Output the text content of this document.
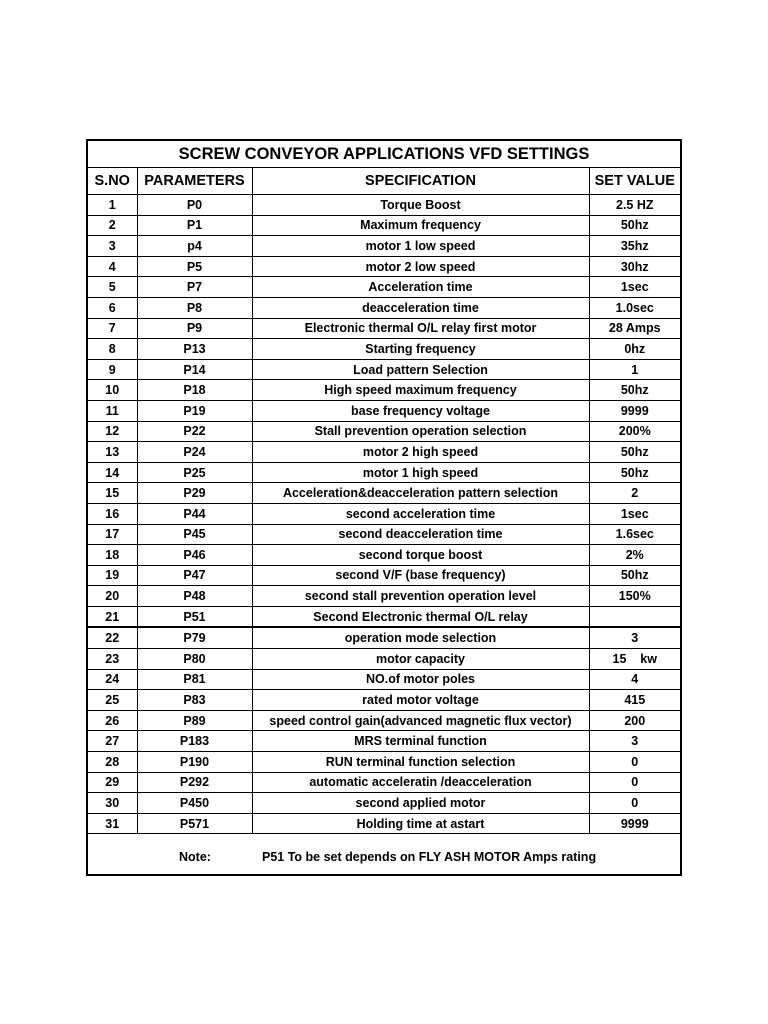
SCREW CONVEYOR APPLICATIONS VFD SETTINGS			
S.NO	PARAMETERS	SPECIFICATION	SET VALUE
1	P0	Torque Boost	2.5 HZ
2	P1	Maximum frequency	50hz
3	p4	motor 1 low speed	35hz
4	P5	motor 2 low speed	30hz
5	P7	Acceleration time	1sec
6	P8	deacceleration time	1.0sec
7	P9	Electronic thermal O/L relay first motor	28 Amps
8	P13	Starting frequency	0hz
9	P14	Load pattern Selection	1
10	P18	High speed maximum frequency	50hz
11	P19	base frequency voltage	9999
12	P22	Stall prevention operation selection	200%
13	P24	motor 2 high speed	50hz
14	P25	motor 1 high speed	50hz
15	P29	Acceleration&deacceleration pattern selection	2
16	P44	second acceleration time	1sec
17	P45	second deacceleration time	1.6sec
18	P46	second torque boost	2%
19	P47	second V/F (base frequency)	50hz
20	P48	second stall prevention operation level	150%
21	P51	Second Electronic thermal O/L relay	
22	P79	operation mode selection	3
23	P80	motor capacity	15    kw
24	P81	NO.of motor poles	4
25	P83	rated motor voltage	415
26	P89	speed control gain(advanced magnetic flux vector)	200
27	P183	MRS terminal function	3
28	P190	RUN terminal function selection	0
29	P292	automatic acceleratin /deacceleration	0
30	P450	second applied motor	0
31	P571	Holding time at astart	9999
Note:	P51 To be set depends on FLY ASH MOTOR Amps rating
